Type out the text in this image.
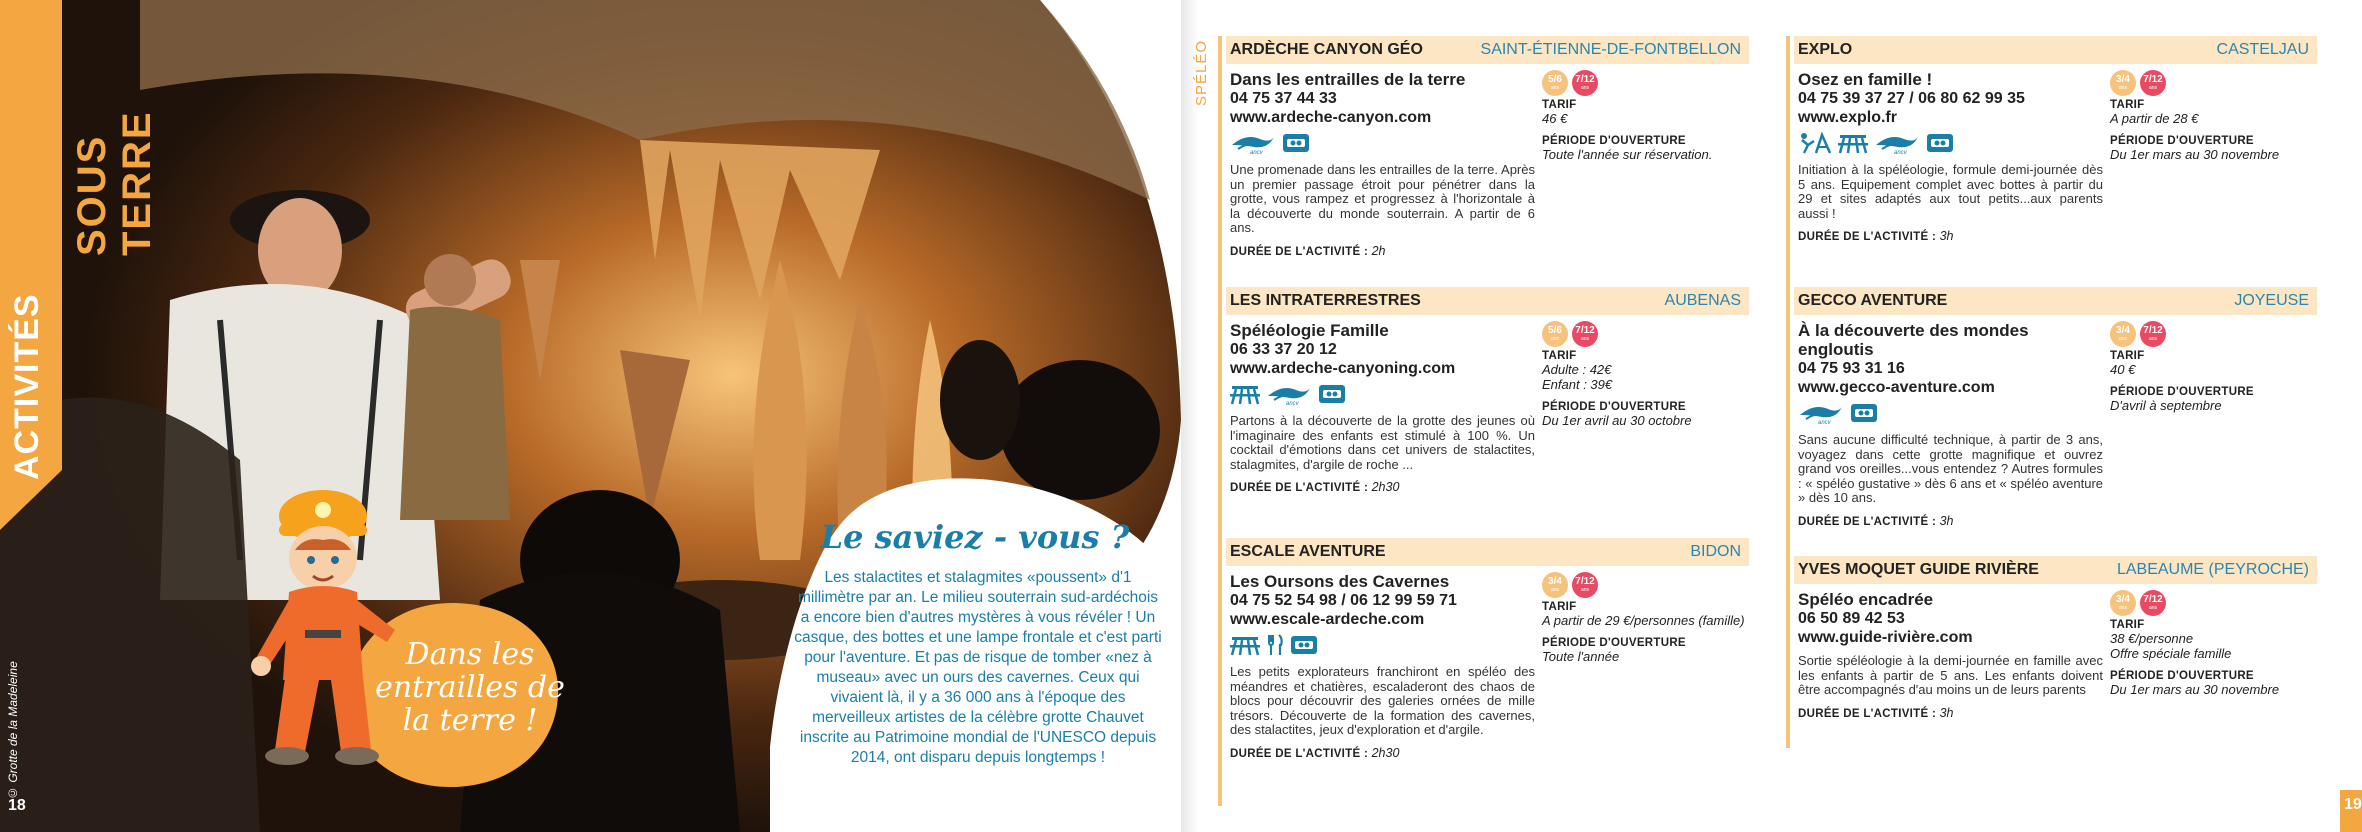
ACTIVITÉS
SOUS TERRE
© Grotte de la Madeleine
18
Dans les entrailles de la terre !
Le saviez - vous ?
Les stalactites et stalagmites «poussent» d'1 millimètre par an. Le milieu souterrain sud-ardéchois a encore bien d'autres mystères à vous révéler ! Un casque, des bottes et une lampe frontale et c'est parti pour l'aventure. Et pas de risque de tomber «nez à museau» avec un ours des cavernes. Ceux qui vivaient là, il y a 36 000 ans à l'époque des merveilleux artistes de la célèbre grotte Chauvet inscrite au Patrimoine mondial de l'UNESCO depuis 2014, ont disparu depuis longtemps !
SPÉLÉO
19
ARDÈCHE CANYON GÉO	SAINT-ÉTIENNE-DE-FONTBELLON
Dans les entrailles de la terre
04 75 37 44 33
www.ardeche-canyon.com
ancv
Une promenade dans les entrailles de la terre. Après un premier passage étroit pour pénétrer dans la grotte, vous rampez et progressez à l'horizontale à la découverte du monde souterrain. A partir de 6 ans.
DURÉE DE L'ACTIVITÉ : 2h
5/6
ans
7/12
ans
TARIF
46 €
PÉRIODE D'OUVERTURE
Toute l'année sur réservation.
LES INTRATERRESTRES	AUBENAS
Spéléologie Famille
06 33 37 20 12
www.ardeche-canyoning.com
ancv
Partons à la découverte de la grotte des jeunes où l'imaginaire des enfants est stimulé à 100 %. Un cocktail d'émotions dans cet univers de stalactites, stalagmites, d'argile de roche ...
DURÉE DE L'ACTIVITÉ : 2h30
5/6
ans
7/12
ans
TARIF
Adulte : 42€
Enfant : 39€
PÉRIODE D'OUVERTURE
Du 1er avril au 30 octobre
ESCALE AVENTURE	BIDON
Les Oursons des Cavernes
04 75 52 54 98 / 06 12 99 59 71
www.escale-ardeche.com
Les petits explorateurs franchiront en spéléo des méandres et chatières, escaladeront des chaos de blocs pour découvrir des galeries ornées de mille trésors. Découverte de la formation des cavernes, des stalactites, jeux d'exploration et d'argile.
DURÉE DE L'ACTIVITÉ : 2h30
3/4
ans
7/12
ans
TARIF
A partir de 29 €/personnes (famille)
PÉRIODE D'OUVERTURE
Toute l'année
EXPLO	CASTELJAU
Osez en famille !
04 75 39 37 27 / 06 80 62 99 35
www.explo.fr
ancv
Initiation à la spéléologie, formule demi-journée dès 5 ans. Equipement complet avec bottes à partir du 29 et sites adaptés aux tout petits...aux parents aussi !
DURÉE DE L'ACTIVITÉ : 3h
3/4
ans
7/12
ans
TARIF
A partir de 28 €
PÉRIODE D'OUVERTURE
Du 1er mars au 30 novembre
GECCO AVENTURE	JOYEUSE
À la découverte des mondes engloutis
04 75 93 31 16
www.gecco-aventure.com
ancv
Sans aucune difficulté technique, à partir de 3 ans, voyagez dans cette grotte magnifique et ouvrez grand vos oreilles...vous entendez ? Autres formules : « spéléo gustative » dès 6 ans et « spéléo aventure » dès 10 ans.
DURÉE DE L'ACTIVITÉ : 3h
3/4
ans
7/12
ans
TARIF
40 €
PÉRIODE D'OUVERTURE
D'avril à septembre
YVES MOQUET GUIDE RIVIÈRE	LABEAUME (PEYROCHE)
Spéléo encadrée
06 50 89 42 53
www.guide-rivière.com
Sortie spéléologie à la demi-journée en famille avec les enfants à partir de 5 ans. Les enfants doivent être accompagnés d'au moins un de leurs parents
DURÉE DE L'ACTIVITÉ : 3h
3/4
ans
7/12
ans
TARIF
38 €/personne
Offre spéciale famille
PÉRIODE D'OUVERTURE
Du 1er mars au 30 novembre
